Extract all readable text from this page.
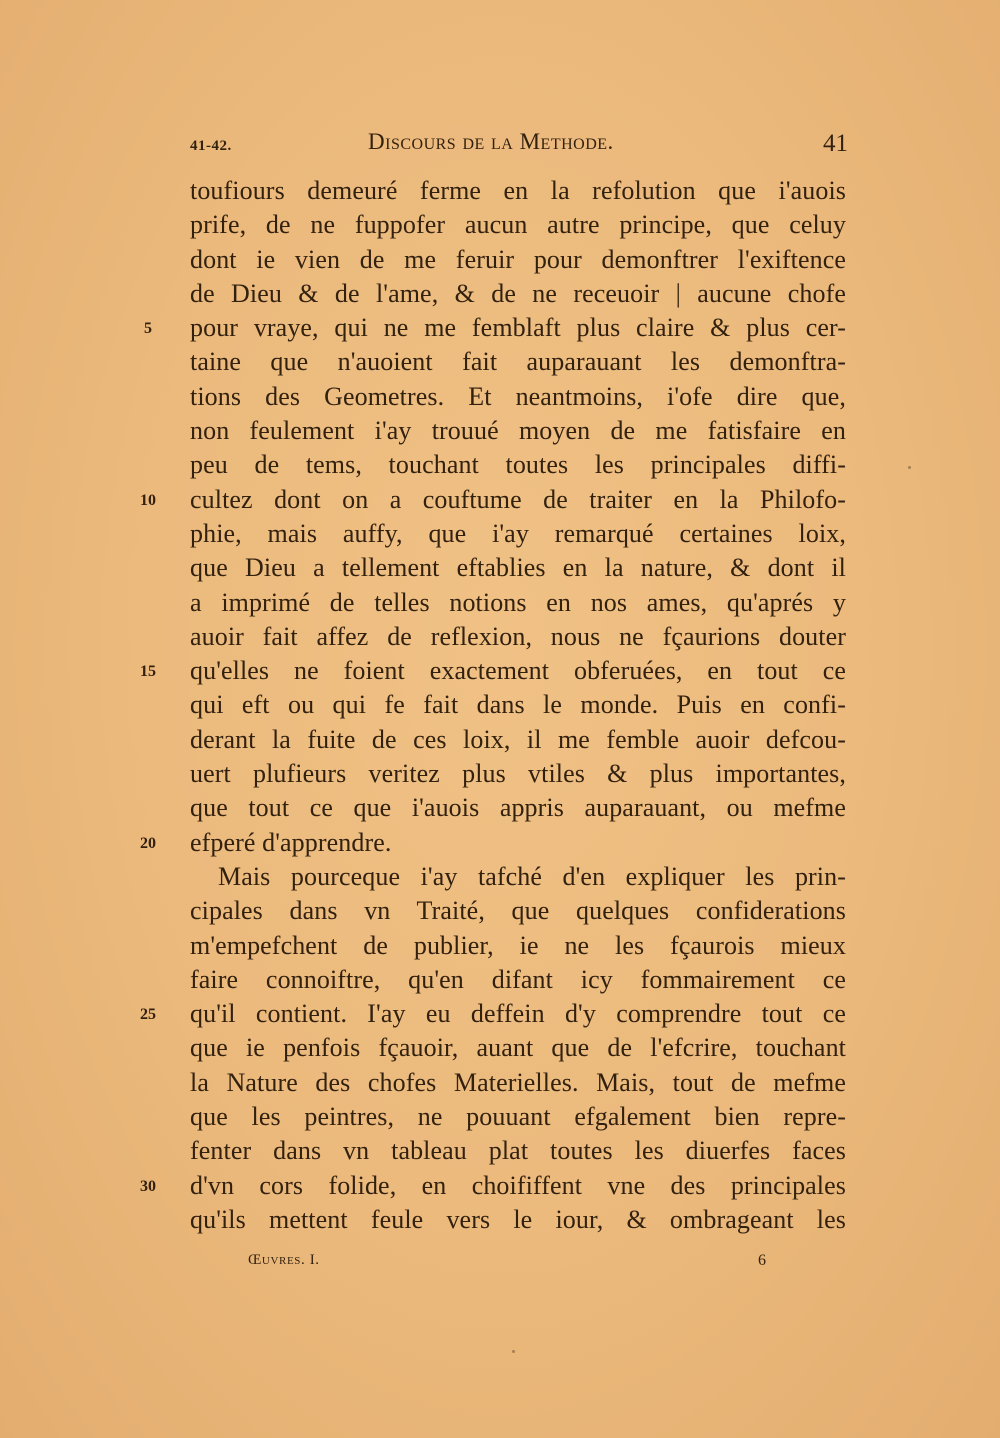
41-42.	Discours de la Methode.	41
5
10
15
20
25
30
toufiours demeuré ferme en la refolution que i'auois
prife, de ne fuppofer aucun autre principe, que celuy
dont ie vien de me feruir pour demonftrer l'exiftence
de Dieu & de l'ame, & de ne receuoir | aucune chofe
pour vraye, qui ne me femblaft plus claire & plus cer-
taine que n'auoient fait auparauant les demonftra-
tions des Geometres. Et neantmoins, i'ofe dire que,
non feulement i'ay trouué moyen de me fatisfaire en
peu de tems, touchant toutes les principales diffi-
cultez dont on a couftume de traiter en la Philofo-
phie, mais auffy, que i'ay remarqué certaines loix,
que Dieu a tellement eftablies en la nature, & dont il
a imprimé de telles notions en nos ames, qu'aprés y
auoir fait affez de reflexion, nous ne fçaurions douter
qu'elles ne foient exactement obferuées, en tout ce
qui eft ou qui fe fait dans le monde. Puis en confi-
derant la fuite de ces loix, il me femble auoir defcou-
uert plufieurs veritez plus vtiles & plus importantes,
que tout ce que i'auois appris auparauant, ou mefme
efperé d'apprendre.
Mais pourceque i'ay tafché d'en expliquer les prin-
cipales dans vn Traité, que quelques confiderations
m'empefchent de publier, ie ne les fçaurois mieux
faire connoiftre, qu'en difant icy fommairement ce
qu'il contient. I'ay eu deffein d'y comprendre tout ce
que ie penfois fçauoir, auant que de l'efcrire, touchant
la Nature des chofes Materielles. Mais, tout de mefme
que les peintres, ne pouuant efgalement bien repre-
fenter dans vn tableau plat toutes les diuerfes faces
d'vn cors folide, en choififfent vne des principales
qu'ils mettent feule vers le iour, & ombrageant les
Œuvres. I.	6
